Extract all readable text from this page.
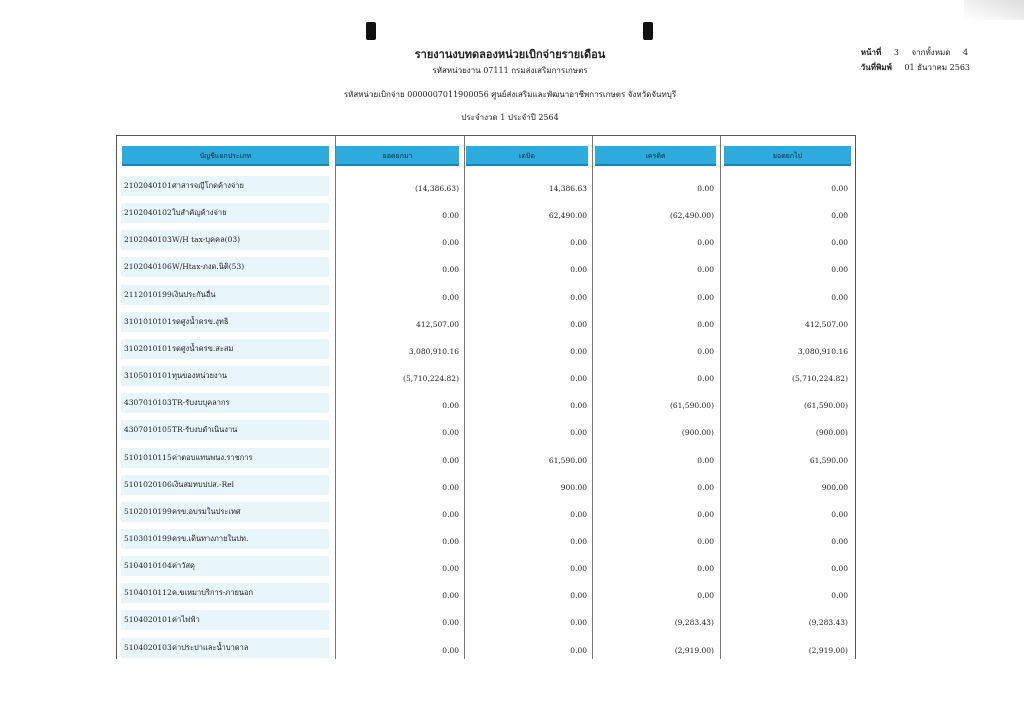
รายงานงบทดลองหน่วยเบิกจ่ายรายเดือน
รหัสหน่วยงาน 07111 กรมส่งเสริมการเกษตร
รหัสหน่วยเบิกจ่าย 0000007011900056 ศูนย์ส่งเสริมและพัฒนาอาชีพการเกษตร จังหวัดจันทบุรี
ประจำงวด 1 ประจำปี 2564
หน้าที่ 3 จากทั้งหมด 4
วันที่พิมพ์ 01 ธันวาคม 2563
บัญชีแยกประเภท	ยอดยกมา	เดบิต	เครดิต	ยอดยกไป
2102040101ศาสารจญีโกดค้างจ่าย	(14,386.63)	14,386.63	0.00	0.00
2102040102ใบสำคัญค้างจ่าย	0.00	62,490.00	(62,490.00)	0.00
2102040103W/H tax-บุคคล(03)	0.00	0.00	0.00	0.00
2102040106W/Htax-ภงด.นิติ(53)	0.00	0.00	0.00	0.00
2112010199เงินประกันอื่น	0.00	0.00	0.00	0.00
3101010101รดศูงน้ำครข.งุทธิ	412,507.00	0.00	0.00	412,507.00
3102010101รดศูงน้ำครข.สะสม	3,080,910.16	0.00	0.00	3,080,910.16
3105010101ทุนของหน่วยงาน	(5,710,224.82)	0.00	0.00	(5,710,224.82)
4307010103TR-รับงบบุคลากร	0.00	0.00	(61,590.00)	(61,590.00)
4307010105TR-รับงบดำเนินงาน	0.00	0.00	(900.00)	(900.00)
5101010115ค่าตอบแทนพนง.ราชการ	0.00	61,590.00	0.00	61,590.00
5101020106เงินสมทบปปส.-Rel	0.00	900.00	0.00	900.00
5102010199ครข.อบรมในประเทศ	0.00	0.00	0.00	0.00
5103010199ครข.เดินทางภายในปท.	0.00	0.00	0.00	0.00
5104010104ค่าวัสดุ	0.00	0.00	0.00	0.00
5104010112ค.ขเหมาบริการ-ภายนอก	0.00	0.00	0.00	0.00
5104020101ค่าไฟฟ้า	0.00	0.00	(9,283.43)	(9,283.43)
5104020103ค่าประปาและน้ำบาดาล	0.00	0.00	(2,919.00)	(2,919.00)
